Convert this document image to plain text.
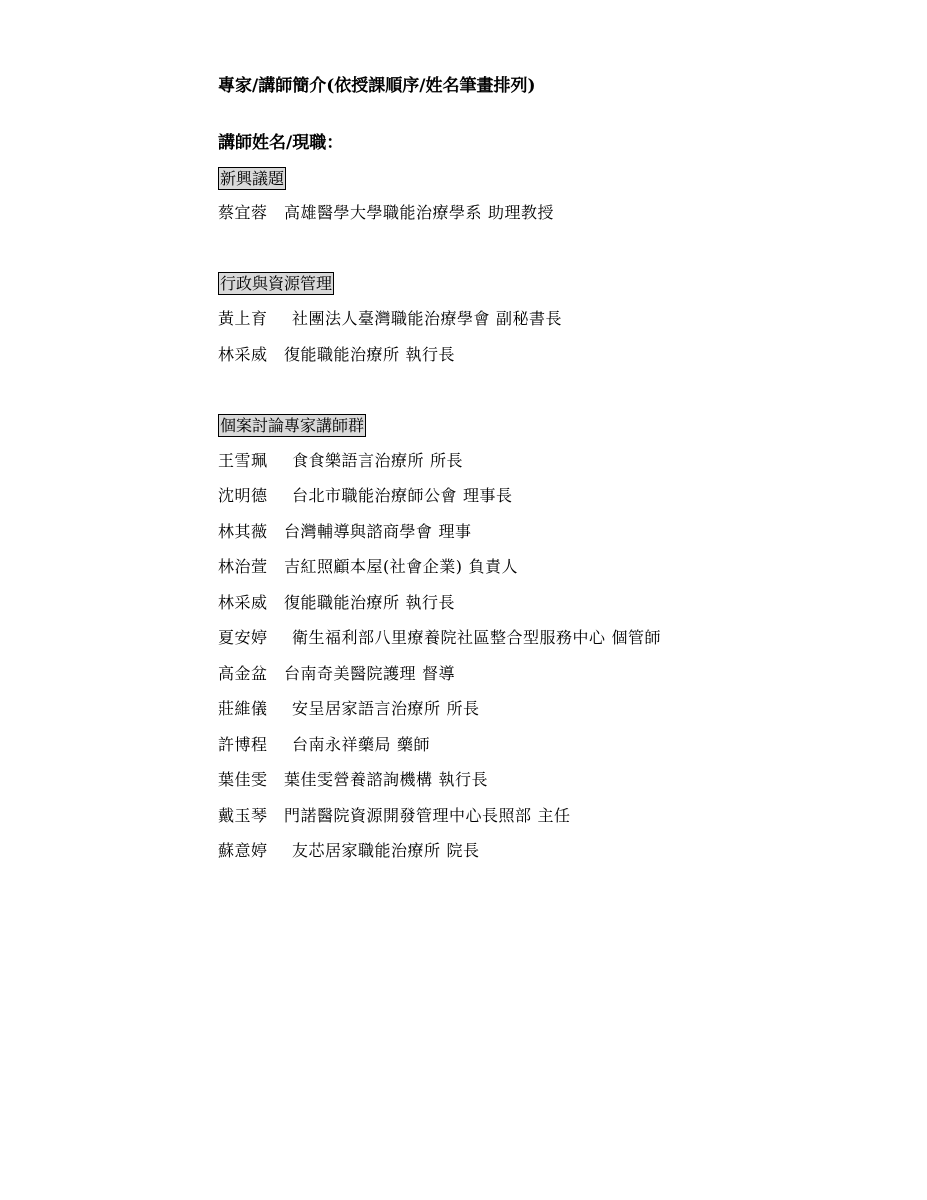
專家/講師簡介(依授課順序/姓名筆畫排列)
講師姓名/現職：
新興議題
蔡宜蓉 高雄醫學大學職能治療學系 助理教授
行政與資源管理
黃上育 社團法人臺灣職能治療學會 副秘書長
林采威 復能職能治療所 執行長
個案討論專家講師群
王雪珮 食食樂語言治療所 所長
沈明德 台北市職能治療師公會 理事長
林其薇 台灣輔導與諮商學會 理事
林治萱 吉紅照顧本屋(社會企業) 負責人
林采威 復能職能治療所 執行長
夏安婷 衛生福利部八里療養院社區整合型服務中心 個管師
高金盆 台南奇美醫院護理 督導
莊維儀 安呈居家語言治療所 所長
許博程 台南永祥藥局 藥師
葉佳雯 葉佳雯營養諮詢機構 執行長
戴玉琴 門諾醫院資源開發管理中心長照部 主任
蘇意婷 友芯居家職能治療所 院長
